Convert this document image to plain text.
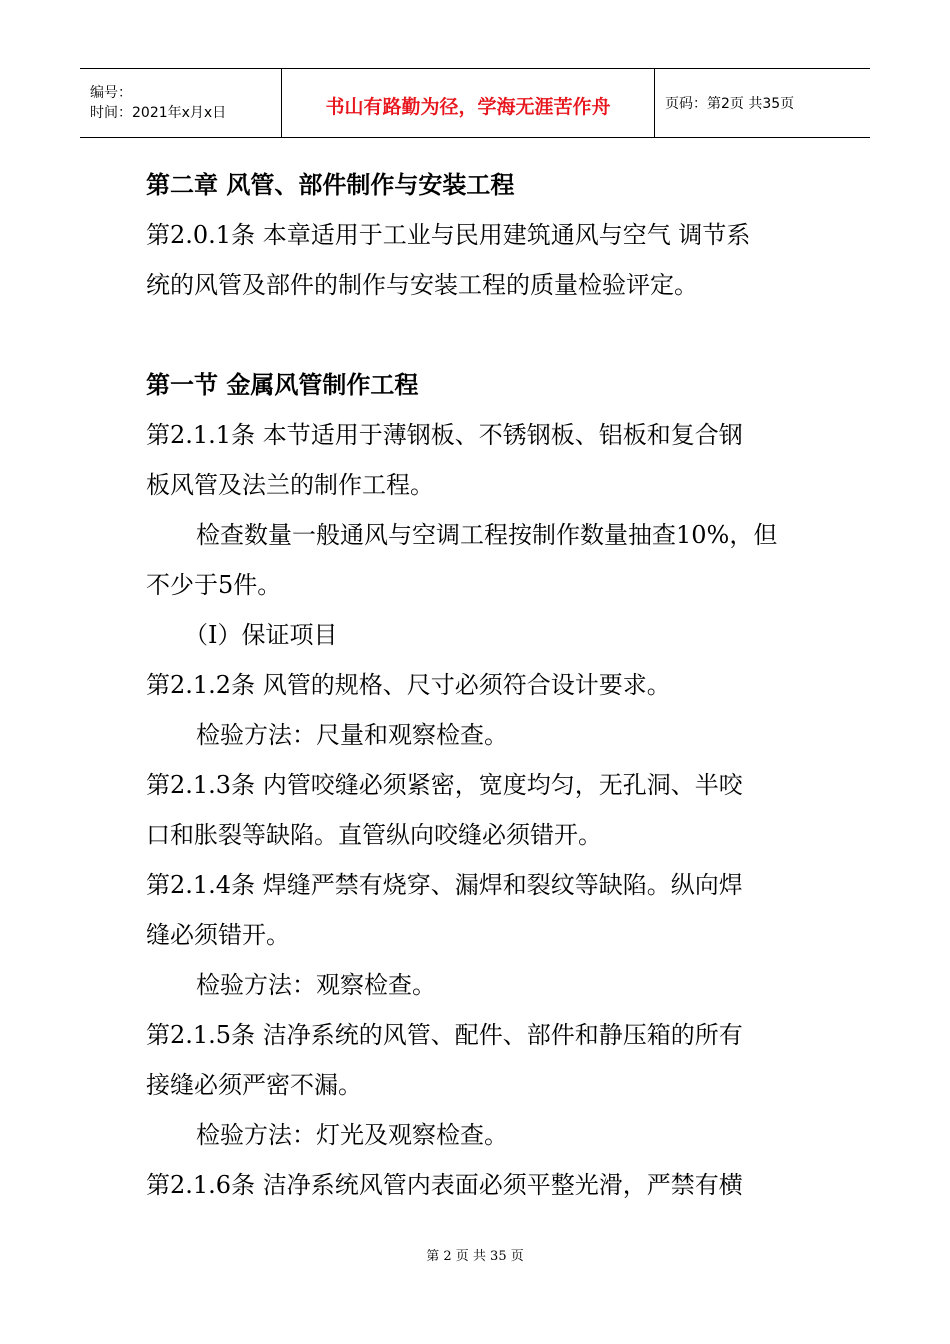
编号：
时间：2021年x月x日	书山有路勤为径，学海无涯苦作舟	页码：第2页 共35页
第二章 风管、部件制作与安装工程
第2.0.1条 本章适用于工业与民用建筑通风与空气 调节系
统的风管及部件的制作与安装工程的质量检验评定。
第一节 金属风管制作工程
第2.1.1条 本节适用于薄钢板、不锈钢板、铝板和复合钢
板风管及法兰的制作工程。
检查数量一般通风与空调工程按制作数量抽查10%，但
不少于5件。
（I）保证项目
第2.1.2条 风管的规格、尺寸必须符合设计要求。
检验方法：尺量和观察检查。
第2.1.3条 内管咬缝必须紧密，宽度均匀，无孔洞、半咬
口和胀裂等缺陷。直管纵向咬缝必须错开。
第2.1.4条 焊缝严禁有烧穿、漏焊和裂纹等缺陷。纵向焊
缝必须错开。
检验方法：观察检查。
第2.1.5条 洁净系统的风管、配件、部件和静压箱的所有
接缝必须严密不漏。
检验方法：灯光及观察检查。
第2.1.6条 洁净系统风管内表面必须平整光滑，严禁有横
第 2 页 共 35 页
